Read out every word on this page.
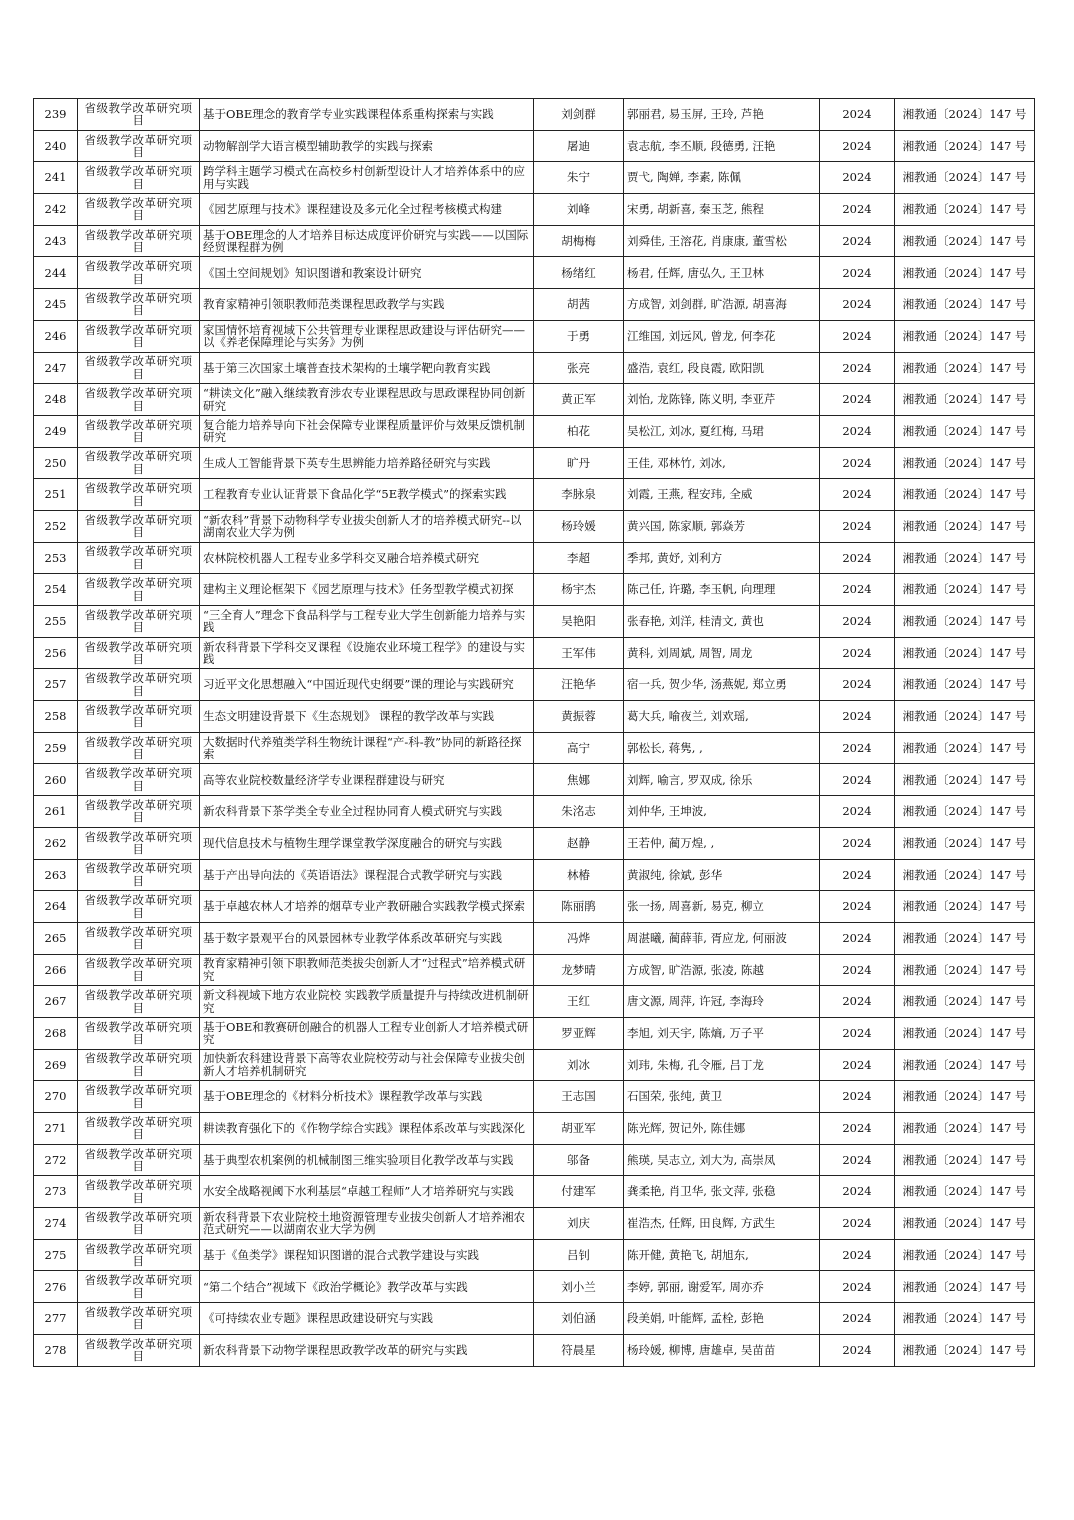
239	省级教学改革研究项目	基于OBE理念的教育学专业实践课程体系重构探索与实践	刘剑群	郭丽君, 易玉屏, 王玲, 芦艳	2024	湘教通〔2024〕147 号
240	省级教学改革研究项目	动物解剖学大语言模型辅助教学的实践与探索	屠迪	袁志航, 李丕顺, 段德勇, 汪艳	2024	湘教通〔2024〕147 号
241	省级教学改革研究项目	跨学科主题学习模式在高校乡村创新型设计人才培养体系中的应用与实践	朱宁	贾弋, 陶婵, 李素, 陈佩	2024	湘教通〔2024〕147 号
242	省级教学改革研究项目	《园艺原理与技术》课程建设及多元化全过程考核模式构建	刘峰	宋勇, 胡新喜, 秦玉芝, 熊程	2024	湘教通〔2024〕147 号
243	省级教学改革研究项目	基于OBE理念的人才培养目标达成度评价研究与实践——以国际经贸课程群为例	胡梅梅	刘舜佳, 王溶花, 肖康康, 董雪松	2024	湘教通〔2024〕147 号
244	省级教学改革研究项目	《国土空间规划》知识图谱和教案设计研究	杨绪红	杨君, 任辉, 唐弘久, 王卫林	2024	湘教通〔2024〕147 号
245	省级教学改革研究项目	教育家精神引领职教师范类课程思政教学与实践	胡茜	方成智, 刘剑群, 旷浩源, 胡喜海	2024	湘教通〔2024〕147 号
246	省级教学改革研究项目	家国情怀培育视域下公共管理专业课程思政建设与评估研究——以《养老保障理论与实务》为例	于勇	江维国, 刘远风, 曾龙, 何李花	2024	湘教通〔2024〕147 号
247	省级教学改革研究项目	基于第三次国家土壤普查技术架构的土壤学靶向教育实践	张亮	盛浩, 袁红, 段良霞, 欧阳凯	2024	湘教通〔2024〕147 号
248	省级教学改革研究项目	“耕读文化”融入继续教育涉农专业课程思政与思政课程协同创新研究	黄正军	刘怡, 龙陈锋, 陈义明, 李亚芹	2024	湘教通〔2024〕147 号
249	省级教学改革研究项目	复合能力培养导向下社会保障专业课程质量评价与效果反馈机制研究	柏花	吴松江, 刘冰, 夏红梅, 马珺	2024	湘教通〔2024〕147 号
250	省级教学改革研究项目	生成人工智能背景下英专生思辨能力培养路径研究与实践	旷丹	王佳, 邓林竹, 刘冰,	2024	湘教通〔2024〕147 号
251	省级教学改革研究项目	工程教育专业认证背景下食品化学“5E教学模式”的探索实践	李脉泉	刘霞, 王燕, 程安玮, 全威	2024	湘教通〔2024〕147 号
252	省级教学改革研究项目	“新农科”背景下动物科学专业拔尖创新人才的培养模式研究--以湖南农业大学为例	杨玲媛	黄兴国, 陈家顺, 郭焱芳	2024	湘教通〔2024〕147 号
253	省级教学改革研究项目	农林院校机器人工程专业多学科交叉融合培养模式研究	李超	季邦, 黄妤, 刘利方	2024	湘教通〔2024〕147 号
254	省级教学改革研究项目	建构主义理论框架下《园艺原理与技术》任务型教学模式初探	杨宇杰	陈己任, 许璐, 李玉帆, 向理理	2024	湘教通〔2024〕147 号
255	省级教学改革研究项目	“三全育人”理念下食品科学与工程专业大学生创新能力培养与实践	吴艳阳	张春艳, 刘洋, 桂清文, 黄也	2024	湘教通〔2024〕147 号
256	省级教学改革研究项目	新农科背景下学科交叉课程《设施农业环境工程学》的建设与实践	王军伟	黄科, 刘周斌, 周智, 周龙	2024	湘教通〔2024〕147 号
257	省级教学改革研究项目	习近平文化思想融入“中国近现代史纲要”课的理论与实践研究	汪艳华	宿一兵, 贺少华, 汤燕妮, 郑立勇	2024	湘教通〔2024〕147 号
258	省级教学改革研究项目	生态文明建设背景下《生态规划》 课程的教学改革与实践	黄振蓉	葛大兵, 喻夜兰, 刘欢瑶,	2024	湘教通〔2024〕147 号
259	省级教学改革研究项目	大数据时代养殖类学科生物统计课程“产-科-教”协同的新路径探索	高宁	郭松长, 蒋隽, ,	2024	湘教通〔2024〕147 号
260	省级教学改革研究项目	高等农业院校数量经济学专业课程群建设与研究	焦娜	刘辉, 喻言, 罗双成, 徐乐	2024	湘教通〔2024〕147 号
261	省级教学改革研究项目	新农科背景下茶学类全专业全过程协同育人模式研究与实践	朱洺志	刘仲华, 王坤波,	2024	湘教通〔2024〕147 号
262	省级教学改革研究项目	现代信息技术与植物生理学课堂教学深度融合的研究与实践	赵静	王若仲, 蔺万煌, ,	2024	湘教通〔2024〕147 号
263	省级教学改革研究项目	基于产出导向法的《英语语法》课程混合式教学研究与实践	林椿	黄淑纯, 徐斌, 彭华	2024	湘教通〔2024〕147 号
264	省级教学改革研究项目	基于卓越农林人才培养的烟草专业产教研融合实践教学模式探索	陈丽鹃	张一扬, 周喜新, 易克, 柳立	2024	湘教通〔2024〕147 号
265	省级教学改革研究项目	基于数字景观平台的风景园林专业教学体系改革研究与实践	冯烨	周湛曦, 蔺薛菲, 胥应龙, 何丽波	2024	湘教通〔2024〕147 号
266	省级教学改革研究项目	教育家精神引领下职教师范类拔尖创新人才“过程式”培养模式研究	龙梦晴	方成智, 旷浩源, 张凌, 陈越	2024	湘教通〔2024〕147 号
267	省级教学改革研究项目	新文科视域下地方农业院校 实践教学质量提升与持续改进机制研究	王红	唐文源, 周萍, 许冠, 李海玲	2024	湘教通〔2024〕147 号
268	省级教学改革研究项目	基于OBE和教赛研创融合的机器人工程专业创新人才培养模式研究	罗亚辉	李旭, 刘天宇, 陈熵, 万子平	2024	湘教通〔2024〕147 号
269	省级教学改革研究项目	加快新农科建设背景下高等农业院校劳动与社会保障专业拔尖创新人才培养机制研究	刘冰	刘玮, 朱梅, 孔令雁, 吕丁龙	2024	湘教通〔2024〕147 号
270	省级教学改革研究项目	基于OBE理念的《材料分析技术》课程教学改革与实践	王志国	石国荣, 张纯, 黄卫	2024	湘教通〔2024〕147 号
271	省级教学改革研究项目	耕读教育强化下的《作物学综合实践》课程体系改革与实践深化	胡亚军	陈光辉, 贺记外, 陈佳娜	2024	湘教通〔2024〕147 号
272	省级教学改革研究项目	基于典型农机案例的机械制图三维实验项目化教学改革与实践	邬备	熊瑛, 吴志立, 刘大为, 高崇凤	2024	湘教通〔2024〕147 号
273	省级教学改革研究项目	水安全战略视阈下水利基层“卓越工程师”人才培养研究与实践	付建军	龚柔艳, 肖卫华, 张文萍, 张稳	2024	湘教通〔2024〕147 号
274	省级教学改革研究项目	新农科背景下农业院校土地资源管理专业拔尖创新人才培养湘农范式研究——以湖南农业大学为例	刘庆	崔浩杰, 任辉, 田良辉, 方武生	2024	湘教通〔2024〕147 号
275	省级教学改革研究项目	基于《鱼类学》课程知识图谱的混合式教学建设与实践	吕钊	陈开健, 黄艳飞, 胡旭东,	2024	湘教通〔2024〕147 号
276	省级教学改革研究项目	“第二个结合”视域下《政治学概论》教学改革与实践	刘小兰	李婷, 郭丽, 谢爱军, 周亦乔	2024	湘教通〔2024〕147 号
277	省级教学改革研究项目	《可持续农业专题》课程思政建设研究与实践	刘伯涵	段美娟, 叶能辉, 孟栓, 彭艳	2024	湘教通〔2024〕147 号
278	省级教学改革研究项目	新农科背景下动物学课程思政教学改革的研究与实践	符晨星	杨玲媛, 柳博, 唐雄卓, 吴苗苗	2024	湘教通〔2024〕147 号
